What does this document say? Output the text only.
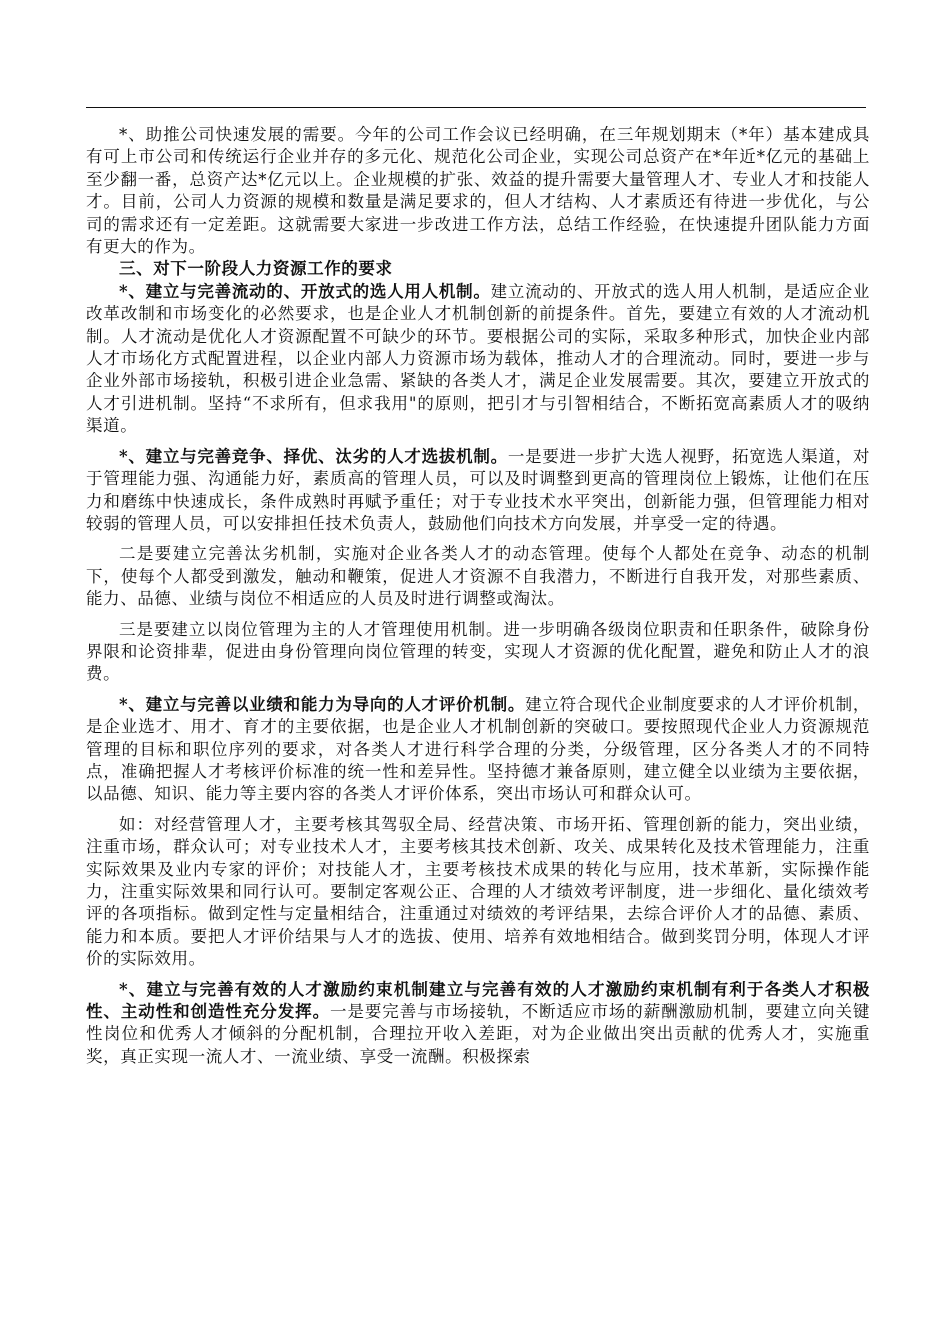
*、助推公司快速发展的需要。今年的公司工作会议已经明确，在三年规划期末（*年）基本建成具有可上市公司和传统运行企业并存的多元化、规范化公司企业，实现公司总资产在*年近*亿元的基础上至少翻一番，总资产达*亿元以上。企业规模的扩张、效益的提升需要大量管理人才、专业人才和技能人才。目前，公司人力资源的规模和数量是满足要求的，但人才结构、人才素质还有待进一步优化，与公司的需求还有一定差距。这就需要大家进一步改进工作方法，总结工作经验，在快速提升团队能力方面有更大的作为。

三、对下一阶段人力资源工作的要求

*、建立与完善流动的、开放式的选人用人机制。建立流动的、开放式的选人用人机制，是适应企业改革改制和市场变化的必然要求，也是企业人才机制创新的前提条件。首先，要建立有效的人才流动机制。人才流动是优化人才资源配置不可缺少的环节。要根据公司的实际，采取多种形式，加快企业内部人才市场化方式配置进程，以企业内部人力资源市场为载体，推动人才的合理流动。同时，要进一步与企业外部市场接轨，积极引进企业急需、紧缺的各类人才，满足企业发展需要。其次，要建立开放式的人才引进机制。坚持“不求所有，但求我用"的原则，把引才与引智相结合，不断拓宽高素质人才的吸纳渠道。

*、建立与完善竞争、择优、汰劣的人才选拔机制。一是要进一步扩大选人视野，拓宽选人渠道，对于管理能力强、沟通能力好，素质高的管理人员，可以及时调整到更高的管理岗位上锻炼，让他们在压力和磨练中快速成长，条件成熟时再赋予重任；对于专业技术水平突出，创新能力强，但管理能力相对较弱的管理人员，可以安排担任技术负责人，鼓励他们向技术方向发展，并享受一定的待遇。

二是要建立完善汰劣机制，实施对企业各类人才的动态管理。使每个人都处在竞争、动态的机制下，使每个人都受到激发，触动和鞭策，促进人才资源不自我潜力，不断进行自我开发，对那些素质、能力、品德、业绩与岗位不相适应的人员及时进行调整或淘汰。

三是要建立以岗位管理为主的人才管理使用机制。进一步明确各级岗位职责和任职条件，破除身份界限和论资排辈，促进由身份管理向岗位管理的转变，实现人才资源的优化配置，避免和防止人才的浪费。

*、建立与完善以业绩和能力为导向的人才评价机制。建立符合现代企业制度要求的人才评价机制，是企业选才、用才、育才的主要依据，也是企业人才机制创新的突破口。要按照现代企业人力资源规范管理的目标和职位序列的要求，对各类人才进行科学合理的分类，分级管理，区分各类人才的不同特点，准确把握人才考核评价标准的统一性和差异性。坚持德才兼备原则，建立健全以业绩为主要依据，以品德、知识、能力等主要内容的各类人才评价体系，突出市场认可和群众认可。

如：对经营管理人才，主要考核其驾驭全局、经营决策、市场开拓、管理创新的能力，突出业绩，注重市场，群众认可；对专业技术人才，主要考核其技术创新、攻关、成果转化及技术管理能力，注重实际效果及业内专家的评价；对技能人才，主要考核技术成果的转化与应用，技术革新，实际操作能力，注重实际效果和同行认可。要制定客观公正、合理的人才绩效考评制度，进一步细化、量化绩效考评的各项指标。做到定性与定量相结合，注重通过对绩效的考评结果，去综合评价人才的品德、素质、能力和本质。要把人才评价结果与人才的选拔、使用、培养有效地相结合。做到奖罚分明，体现人才评价的实际效用。

*、建立与完善有效的人才激励约束机制建立与完善有效的人才激励约束机制有利于各类人才积极性、主动性和创造性充分发挥。一是要完善与市场接轨，不断适应市场的薪酬激励机制，要建立向关键性岗位和优秀人才倾斜的分配机制，合理拉开收入差距，对为企业做出突出贡献的优秀人才，实施重奖，真正实现一流人才、一流业绩、享受一流酬。积极探索
